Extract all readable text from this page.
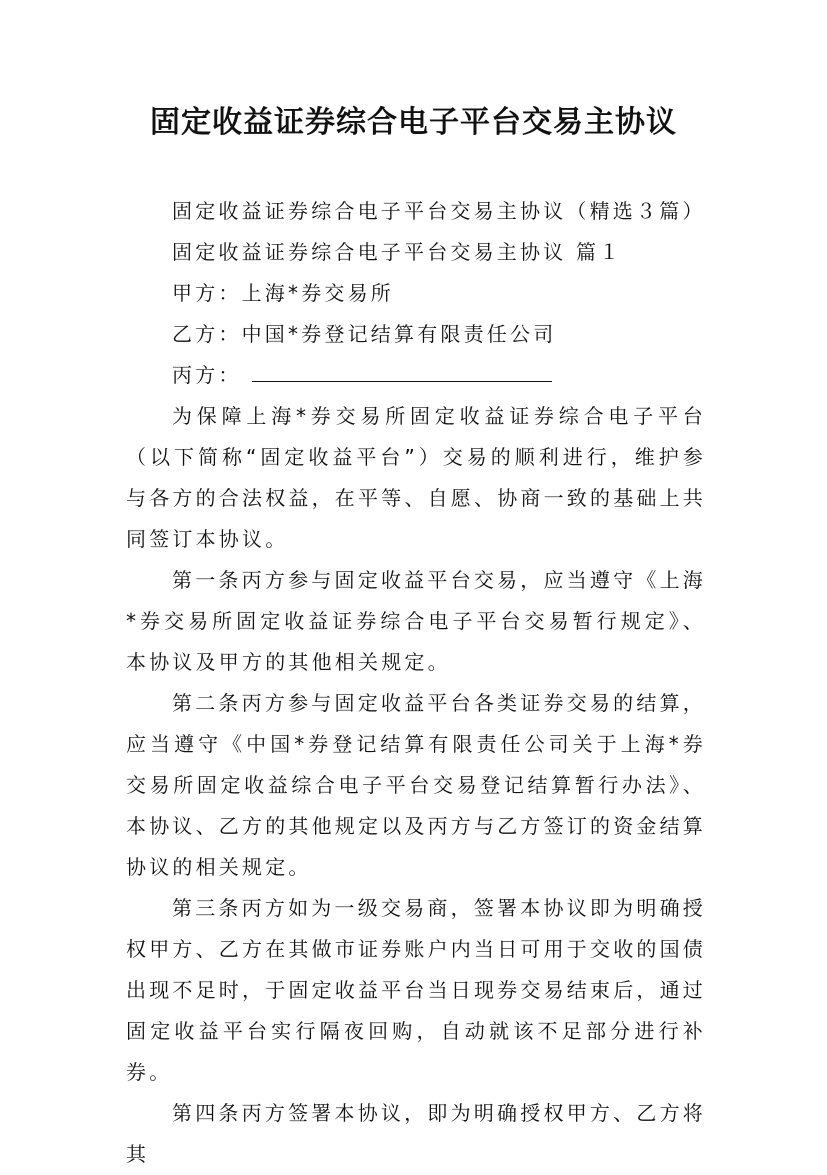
固定收益证券综合电子平台交易主协议

固定收益证券综合电子平台交易主协议（精选３篇）

固定收益证券综合电子平台交易主协议 篇１

甲方：上海*券交易所

乙方：中国*券登记结算有限责任公司

丙方：

为保障上海*券交易所固定收益证券综合电子平台（以下简称“固定收益平台”）交易的顺利进行，维护参与各方的合法权益，在平等、自愿、协商一致的基础上共同签订本协议。

第一条丙方参与固定收益平台交易，应当遵守《上海*券交易所固定收益证券综合电子平台交易暂行规定》、本协议及甲方的其他相关规定。

第二条丙方参与固定收益平台各类证券交易的结算，应当遵守《中国*券登记结算有限责任公司关于上海*券交易所固定收益综合电子平台交易登记结算暂行办法》、本协议、乙方的其他规定以及丙方与乙方签订的资金结算协议的相关规定。

第三条丙方如为一级交易商，签署本协议即为明确授权甲方、乙方在其做市证券账户内当日可用于交收的国债出现不足时，于固定收益平台当日现券交易结束后，通过固定收益平台实行隔夜回购，自动就该不足部分进行补券。

第四条丙方签署本协议，即为明确授权甲方、乙方将其
